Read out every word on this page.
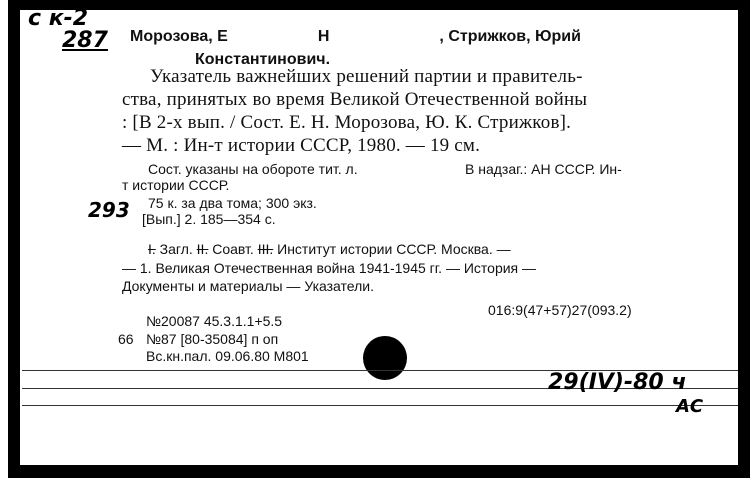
с к-2
287 Морозова, Е	Н	, Стрижков, Юрий
Константинович.
Указатель важнейших решений партии и правитель-
ства, принятых во время Великой Отечественной войны
: [В 2-х вып. / Сост. Е. Н. Морозова, Ю. К. Стрижков].
— М. : Ин-т истории СССР, 1980. — 19 см.
Сост. указаны на обороте тит. л.	В надзаг.: АН СССР. Ин-
т истории СССР.
75 к. за два тома; 300 экз.
293 [Вып.] 2. 185—354 с.
I. Загл. II. Соавт. III. Институт истории СССР. Москва. —
— 1. Великая Отечественная война 1941-1945 гг. — История —
Документы и материалы — Указатели.
016:9(47+57)27(093.2)
№20087 45.3.1.1+5.5
66 №87 [80-35084] п оп
Вс.кн.пал. 09.06.80 M801
29(IV)-80 ч
АС
